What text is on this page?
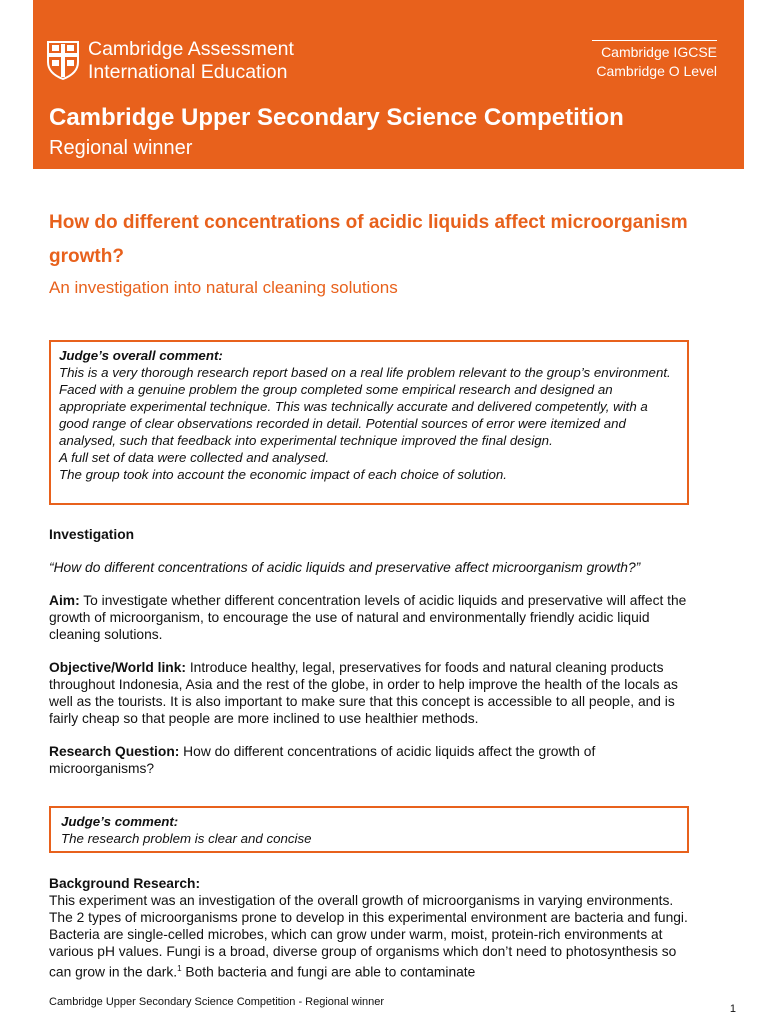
Cambridge Assessment
International Education
Cambridge IGCSE
Cambridge O Level
Cambridge Upper Secondary Science Competition
Regional winner
How do different concentrations of acidic liquids affect microorganism growth?
An investigation into natural cleaning solutions

Judge’s overall comment:

This is a very thorough research report based on a real life problem relevant to the group’s environment.

Faced with a genuine problem the group completed some empirical research and designed an appropriate experimental technique. This was technically accurate and delivered competently, with a good range of clear observations recorded in detail. Potential sources of error were itemized and analysed, such that feedback into experimental technique improved the final design.

A full set of data were collected and analysed.

The group took into account the economic impact of each choice of solution.

Investigation

“How do different concentrations of acidic liquids and preservative affect microorganism growth?”

Aim: To investigate whether different concentration levels of acidic liquids and preservative will affect the growth of microorganism, to encourage the use of natural and environmentally friendly acidic liquid cleaning solutions.

Objective/World link: Introduce healthy, legal, preservatives for foods and natural cleaning products throughout Indonesia, Asia and the rest of the globe, in order to help improve the health of the locals as well as the tourists. It is also important to make sure that this concept is accessible to all people, and is fairly cheap so that people are more inclined to use healthier methods.

Research Question: How do different concentrations of acidic liquids affect the growth of microorganisms?

Judge’s comment:

The research problem is clear and concise

Background Research:

This experiment was an investigation of the overall growth of microorganisms in varying environments. The 2 types of microorganisms prone to develop in this experimental environment are bacteria and fungi. Bacteria are single-celled microbes, which can grow under warm, moist, protein-rich environments at various pH values. Fungi is a broad, diverse group of organisms which don’t need to photosynthesis so can grow in the dark.$^1$ Both bacteria and fungi are able to contaminate

Cambridge Upper Secondary Science Competition - Regional winner
1
